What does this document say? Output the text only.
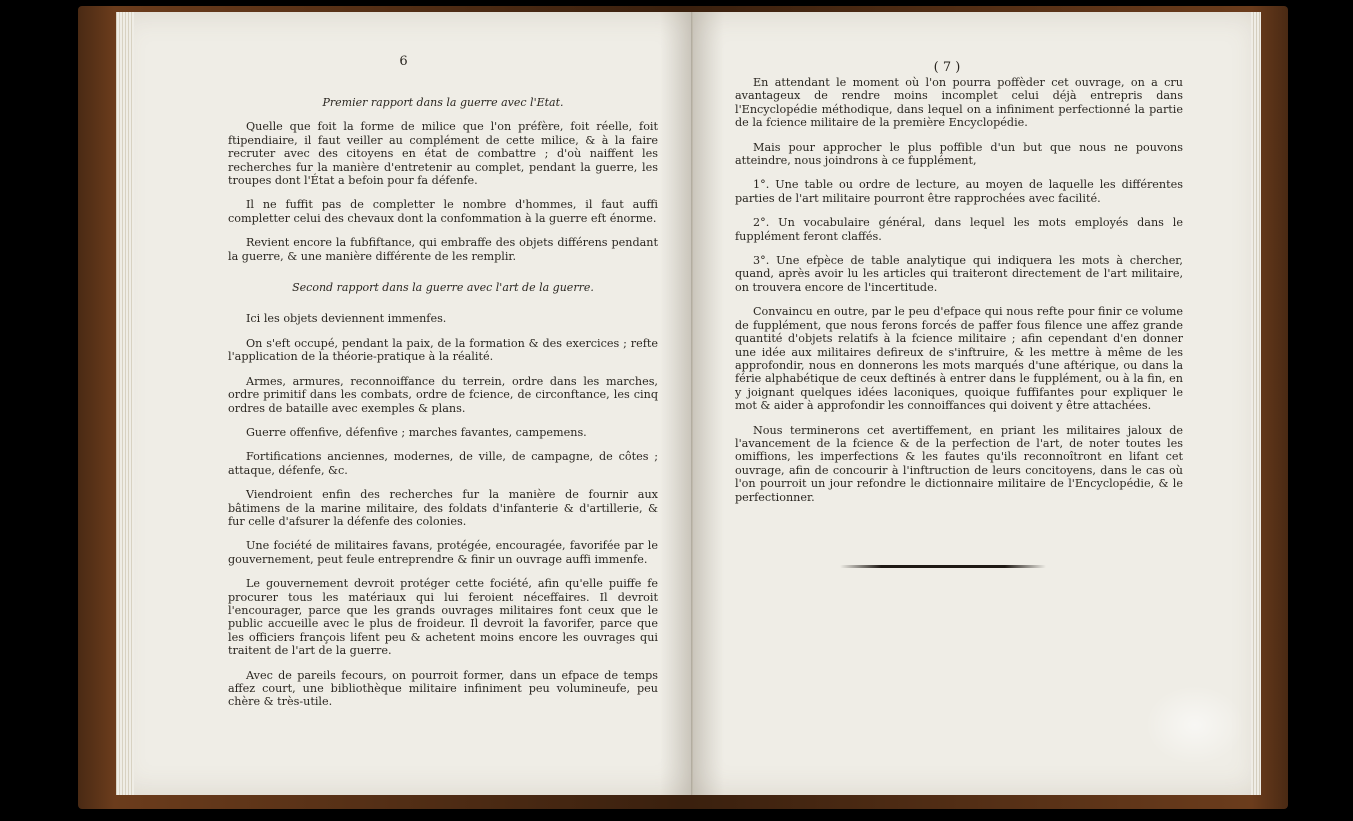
6

Premier rapport dans la guerre avec l'Etat.

Quelle que foit la forme de milice que l'on préfère, foit réelle, foit ftipendiaire, il faut veiller au complément de cette milice, & à la faire recruter avec des citoyens en état de combattre ; d'où naiffent les recherches fur la manière d'entretenir au complet, pendant la guerre, les troupes dont l'État a befoin pour fa défenfe.

Il ne fuffit pas de completter le nombre d'hommes, il faut auffi completter celui des chevaux dont la confommation à la guerre eft énorme.

Revient encore la fubfiftance, qui embraffe des objets différens pendant la guerre, & une manière différente de les remplir.

Second rapport dans la guerre avec l'art de la guerre.

Ici les objets deviennent immenfes.

On s'eft occupé, pendant la paix, de la formation & des exercices ; refte l'application de la théorie-pratique à la réalité.

Armes, armures, reconnoiffance du terrein, ordre dans les marches, ordre primitif dans les combats, ordre de fcience, de circonftance, les cinq ordres de bataille avec exemples & plans.

Guerre offenfive, défenfive ; marches favantes, campemens.

Fortifications anciennes, modernes, de ville, de campagne, de côtes ; attaque, défenfe, &c.

Viendroient enfin des recherches fur la manière de fournir aux bâtimens de la marine militaire, des foldats d'infanterie & d'artillerie, & fur celle d'afsurer la défenfe des colonies.

Une fociété de militaires favans, protégée, encouragée, favorifée par le gouvernement, peut feule entreprendre & finir un ouvrage auffi immenfe.

Le gouvernement devroit protéger cette fociété, afin qu'elle puiffe fe procurer tous les matériaux qui lui feroient néceffaires. Il devroit l'encourager, parce que les grands ouvrages militaires font ceux que le public accueille avec le plus de froideur. Il devroit la favorifer, parce que les officiers françois lifent peu & achetent moins encore les ouvrages qui traitent de l'art de la guerre.

Avec de pareils fecours, on pourroit former, dans un efpace de temps affez court, une bibliothèque militaire infiniment peu volumineufe, peu chère & très-utile.

( 7 )

En attendant le moment où l'on pourra poffèder cet ouvrage, on a cru avantageux de rendre moins incomplet celui déjà entrepris dans l'Encyclopédie méthodique, dans lequel on a infiniment perfectionné la partie de la fcience militaire de la première Encyclopédie.

Mais pour approcher le plus poffible d'un but que nous ne pouvons atteindre, nous joindrons à ce fupplément,

1°. Une table ou ordre de lecture, au moyen de laquelle les différentes parties de l'art militaire pourront être rapprochées avec facilité.

2°. Un vocabulaire général, dans lequel les mots employés dans le fupplément feront claffés.

3°. Une efpèce de table analytique qui indiquera les mots à chercher, quand, après avoir lu les articles qui traiteront directement de l'art militaire, on trouvera encore de l'incertitude.

Convaincu en outre, par le peu d'efpace qui nous refte pour finir ce volume de fupplément, que nous ferons forcés de paffer fous filence une affez grande quantité d'objets relatifs à la fcience militaire ; afin cependant d'en donner une idée aux militaires defireux de s'inftruire, & les mettre à même de les approfondir, nous en donnerons les mots marqués d'une aftérique, ou dans la férie alphabétique de ceux deftinés à entrer dans le fupplément, ou à la fin, en y joignant quelques idées laconiques, quoique fuffifantes pour expliquer le mot & aider à approfondir les connoiffances qui doivent y être attachées.

Nous terminerons cet avertiffement, en priant les militaires jaloux de l'avancement de la fcience & de la perfection de l'art, de noter toutes les omiffions, les imperfections & les fautes qu'ils reconnoîtront en lifant cet ouvrage, afin de concourir à l'inftruction de leurs concitoyens, dans le cas où l'on pourroit un jour refondre le dictionnaire militaire de l'Encyclopédie, & le perfectionner.
